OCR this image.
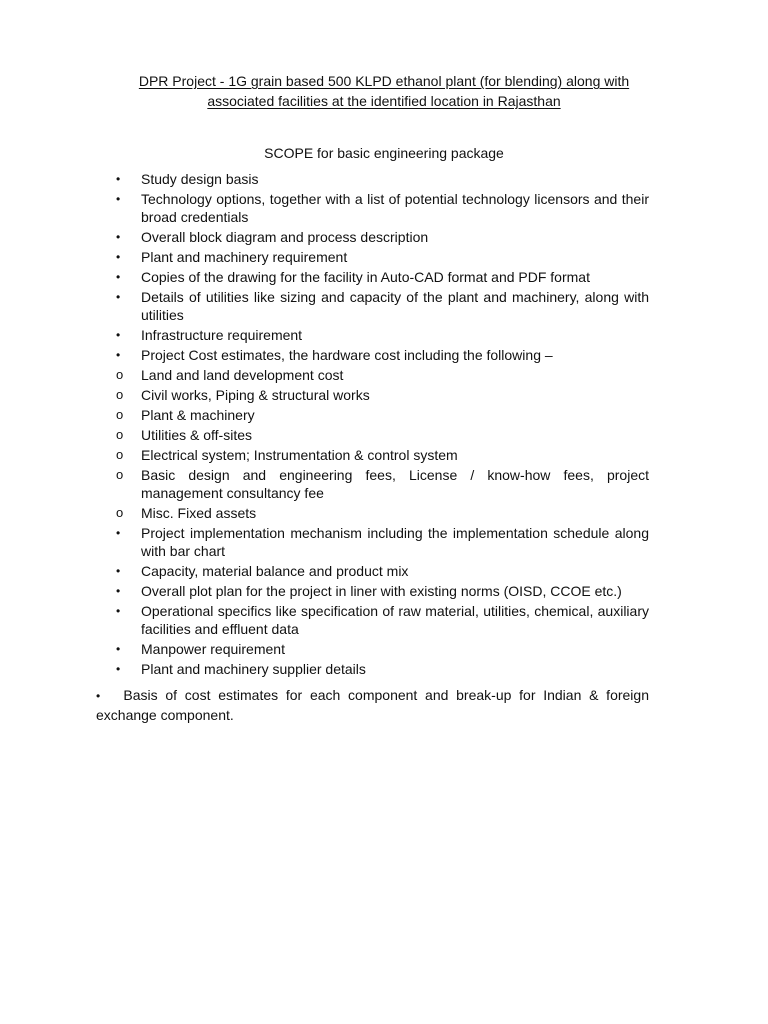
DPR Project - 1G grain based 500 KLPD ethanol plant (for blending) along with
associated facilities at the identified location in Rajasthan
SCOPE for basic engineering package
•	Study design basis
•	Technology options, together with a list of potential technology licensors and their broad credentials
•	Overall block diagram and process description
•	Plant and machinery requirement
•	Copies of the drawing for the facility in Auto-CAD format and PDF format
•	Details of utilities like sizing and capacity of the plant and machinery, along with utilities
•	Infrastructure requirement
•	Project Cost estimates, the hardware cost including the following –
o	Land and land development cost
o	Civil works, Piping & structural works
o	Plant & machinery
o	Utilities & off-sites
o	Electrical system; Instrumentation & control system
o	Basic design and engineering fees, License / know-how fees, project management consultancy fee
o	Misc. Fixed assets
•	Project implementation mechanism including the implementation schedule along with bar chart
•	Capacity, material balance and product mix
•	Overall plot plan for the project in liner with existing norms (OISD, CCOE etc.)
•	Operational specifics like specification of raw material, utilities, chemical, auxiliary facilities and effluent data
•	Manpower requirement
•	Plant and machinery supplier details
• Basis of cost estimates for each component and break-up for Indian & foreign exchange component.
